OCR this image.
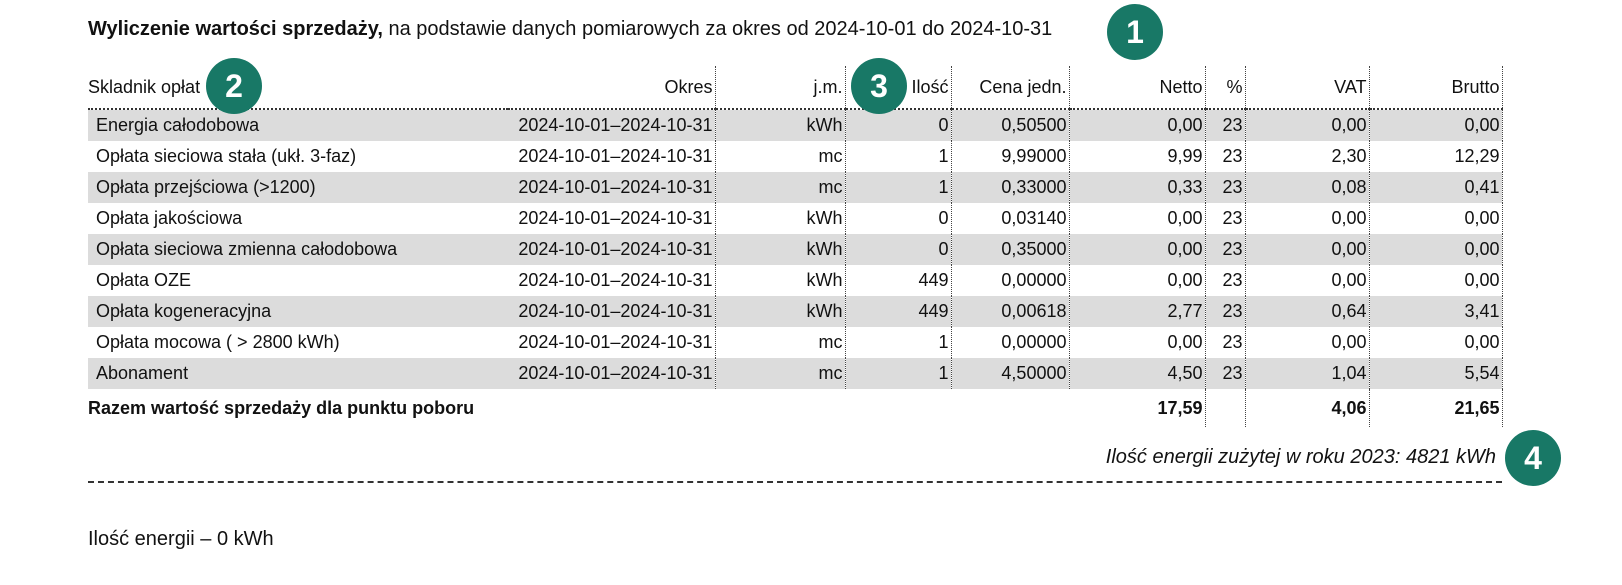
Wyliczenie wartości sprzedaży, na podstawie danych pomiarowych za okres od 2024-10-01 do 2024-10-31	1
Skladnik opłat	Okres	j.m.	Ilość	Cena jedn.	Netto	%	VAT	Brutto
Energia całodobowa	2024-10-01–2024-10-31	kWh	0	0,50500	0,00	23	0,00	0,00
Opłata sieciowa stała (ukł. 3-faz)	2024-10-01–2024-10-31	mc	1	9,99000	9,99	23	2,30	12,29
Opłata przejściowa (>1200)	2024-10-01–2024-10-31	mc	1	0,33000	0,33	23	0,08	0,41
Opłata jakościowa	2024-10-01–2024-10-31	kWh	0	0,03140	0,00	23	0,00	0,00
Opłata sieciowa zmienna całodobowa	2024-10-01–2024-10-31	kWh	0	0,35000	0,00	23	0,00	0,00
Opłata OZE	2024-10-01–2024-10-31	kWh	449	0,00000	0,00	23	0,00	0,00
Opłata kogeneracyjna	2024-10-01–2024-10-31	kWh	449	0,00618	2,77	23	0,64	3,41
Opłata mocowa ( > 2800 kWh)	2024-10-01–2024-10-31	mc	1	0,00000	0,00	23	0,00	0,00
Abonament	2024-10-01–2024-10-31	mc	1	4,50000	4,50	23	1,04	5,54
Razem wartość sprzedaży dla punktu poboru					17,59		4,06	21,65
2	3
Ilość energii zużytej w roku 2023: 4821 kWh 4
Ilość energii – 0 kWh
